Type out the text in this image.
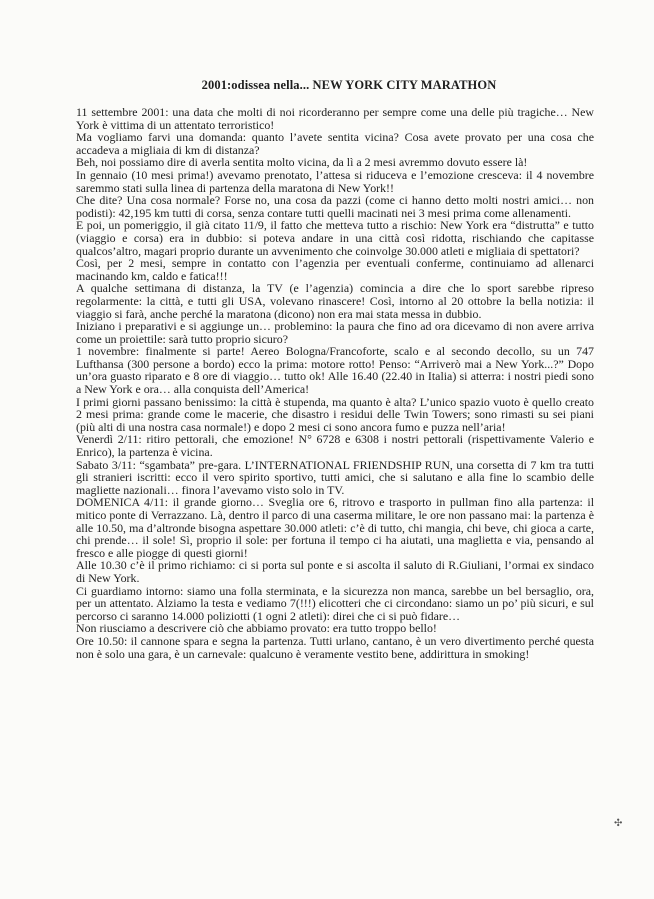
2001:odissea nella... NEW YORK CITY MARATHON

11 settembre 2001: una data che molti di noi ricorderanno per sempre come una delle più tragiche… New York è vittima di un attentato terroristico!

Ma vogliamo farvi una domanda: quanto l’avete sentita vicina? Cosa avete provato per una cosa che accadeva a migliaia di km di distanza?

Beh, noi possiamo dire di averla sentita molto vicina, da lì a 2 mesi avremmo dovuto essere là!

In gennaio (10 mesi prima!) avevamo prenotato, l’attesa si riduceva e l’emozione cresceva: il 4 novembre saremmo stati sulla linea di partenza della maratona di New York!!

Che dite? Una cosa normale? Forse no, una cosa da pazzi (come ci hanno detto molti nostri amici… non podisti): 42,195 km tutti di corsa, senza contare tutti quelli macinati nei 3 mesi prima come allenamenti.

E poi, un pomeriggio, il già citato 11/9, il fatto che metteva tutto a rischio: New York era “distrutta” e tutto (viaggio e corsa) era in dubbio: si poteva andare in una città così ridotta, rischiando che capitasse qualcos’altro, magari proprio durante un avvenimento che coinvolge 30.000 atleti e migliaia di spettatori?

Così, per 2 mesi, sempre in contatto con l’agenzia per eventuali conferme, continuiamo ad allenarci macinando km, caldo e fatica!!!

A qualche settimana di distanza, la TV (e l’agenzia) comincia a dire che lo sport sarebbe ripreso regolarmente: la città, e tutti gli USA, volevano rinascere! Così, intorno al 20 ottobre la bella notizia: il viaggio si farà, anche perché la maratona (dicono) non era mai stata messa in dubbio.

Iniziano i preparativi e si aggiunge un… problemino: la paura che fino ad ora dicevamo di non avere arriva come un proiettile: sarà tutto proprio sicuro?

1 novembre: finalmente si parte! Aereo Bologna/Francoforte, scalo e al secondo decollo, su un 747 Lufthansa (300 persone a bordo) ecco la prima: motore rotto! Penso: “Arriverò mai a New York...?” Dopo un’ora guasto riparato e 8 ore di viaggio… tutto ok! Alle 16.40 (22.40 in Italia) si atterra: i nostri piedi sono a New York e ora… alla conquista dell’America!

I primi giorni passano benissimo: la città è stupenda, ma quanto è alta? L’unico spazio vuoto è quello creato 2 mesi prima: grande come le macerie, che disastro i residui delle Twin Towers; sono rimasti su sei piani (più alti di una nostra casa normale!) e dopo 2 mesi ci sono ancora fumo e puzza nell’aria!

Venerdì 2/11: ritiro pettorali, che emozione! N° 6728 e 6308 i nostri pettorali (rispettivamente Valerio e Enrico), la partenza è vicina.

Sabato 3/11: “sgambata” pre-gara. L’INTERNATIONAL FRIENDSHIP RUN, una corsetta di 7 km tra tutti gli stranieri iscritti: ecco il vero spirito sportivo, tutti amici, che si salutano e alla fine lo scambio delle magliette nazionali… finora l’avevamo visto solo in TV.

DOMENICA 4/11: il grande giorno… Sveglia ore 6, ritrovo e trasporto in pullman fino alla partenza: il mitico ponte di Verrazzano. Là, dentro il parco di una caserma militare, le ore non passano mai: la partenza è alle 10.50, ma d’altronde bisogna aspettare 30.000 atleti: c’è di tutto, chi mangia, chi beve, chi gioca a carte, chi prende… il sole! Sì, proprio il sole: per fortuna il tempo ci ha aiutati, una maglietta e via, pensando al fresco e alle piogge di questi giorni!

Alle 10.30 c’è il primo richiamo: ci si porta sul ponte e si ascolta il saluto di R.Giuliani, l’ormai ex sindaco di New York.

Ci guardiamo intorno: siamo una folla sterminata, e la sicurezza non manca, sarebbe un bel bersaglio, ora, per un attentato. Alziamo la testa e vediamo 7(!!!) elicotteri che ci circondano: siamo un po’ più sicuri, e sul percorso ci saranno 14.000 poliziotti (1 ogni 2 atleti): direi che ci si può fidare…

Non riusciamo a descrivere ciò che abbiamo provato: era tutto troppo bello!

Ore 10.50: il cannone spara e segna la partenza. Tutti urlano, cantano, è un vero divertimento perché questa non è solo una gara, è un carnevale: qualcuno è veramente vestito bene, addirittura in smoking!

✣
